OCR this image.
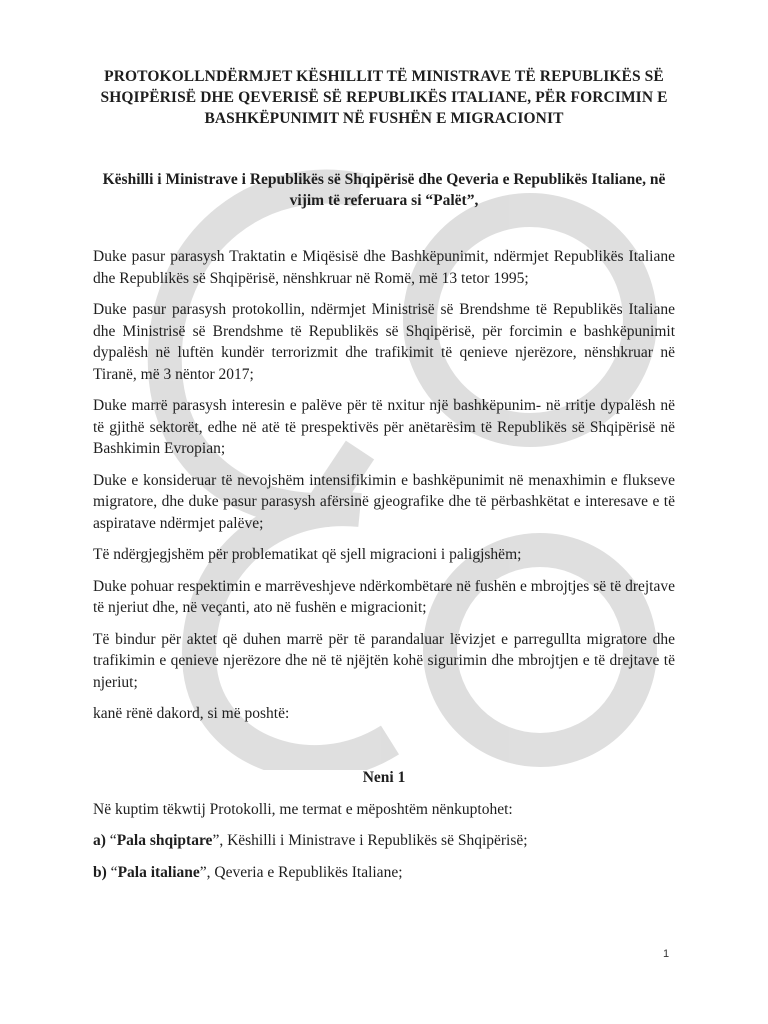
PROTOKOLLNDËRMJET KËSHILLIT TË MINISTRAVE TË REPUBLIKËS SË SHQIPËRISË DHE QEVERISË SË REPUBLIKËS ITALIANE, PËR FORCIMIN E BASHKËPUNIMIT NË FUSHËN E MIGRACIONIT

Këshilli i Ministrave i Republikës së Shqipërisë dhe Qeveria e Republikës Italiane, në vijim të referuara si “Palët”,

Duke pasur parasysh Traktatin e Miqësisë dhe Bashkëpunimit, ndërmjet Republikës Italiane dhe Republikës së Shqipërisë, nënshkruar në Romë, më 13 tetor 1995;

Duke pasur parasysh protokollin, ndërmjet Ministrisë së Brendshme të Republikës Italiane dhe Ministrisë së Brendshme të Republikës së Shqipërisë, për forcimin e bashkëpunimit dypalësh në luftën kundër terrorizmit dhe trafikimit të qenieve njerëzore, nënshkruar në Tiranë, më 3 nëntor 2017;

Duke marrë parasysh interesin e palëve për të nxitur një bashkëpunim- në rritje dypalësh në të gjithë sektorët, edhe në atë të prespektivës për anëtarësim të Republikës së Shqipërisë në Bashkimin Evropian;

Duke e konsideruar të nevojshëm intensifikimin e bashkëpunimit në menaxhimin e flukseve migratore, dhe duke pasur parasysh afërsinë gjeografike dhe të përbashkëtat e interesave e të aspiratave ndërmjet palëve;

Të ndërgjegjshëm për problematikat që sjell migracioni i paligjshëm;

Duke pohuar respektimin e marrëveshjeve ndërkombëtare në fushën e mbrojtjes së të drejtave të njeriut dhe, në veçanti, ato në fushën e migracionit;

Të bindur për aktet që duhen marrë për të parandaluar lëvizjet e parregullta migratore dhe trafikimin e qenieve njerëzore dhe në të njëjtën kohë sigurimin dhe mbrojtjen e të drejtave të njeriut;

kanë rënë dakord, si më poshtë:

Neni 1

Në kuptim tëkwtij Protokolli, me termat e mëposhtëm nënkuptohet:

a) “Pala shqiptare”, Këshilli i Ministrave i Republikës së Shqipërisë;

b) “Pala italiane”, Qeveria e Republikës Italiane;

1
